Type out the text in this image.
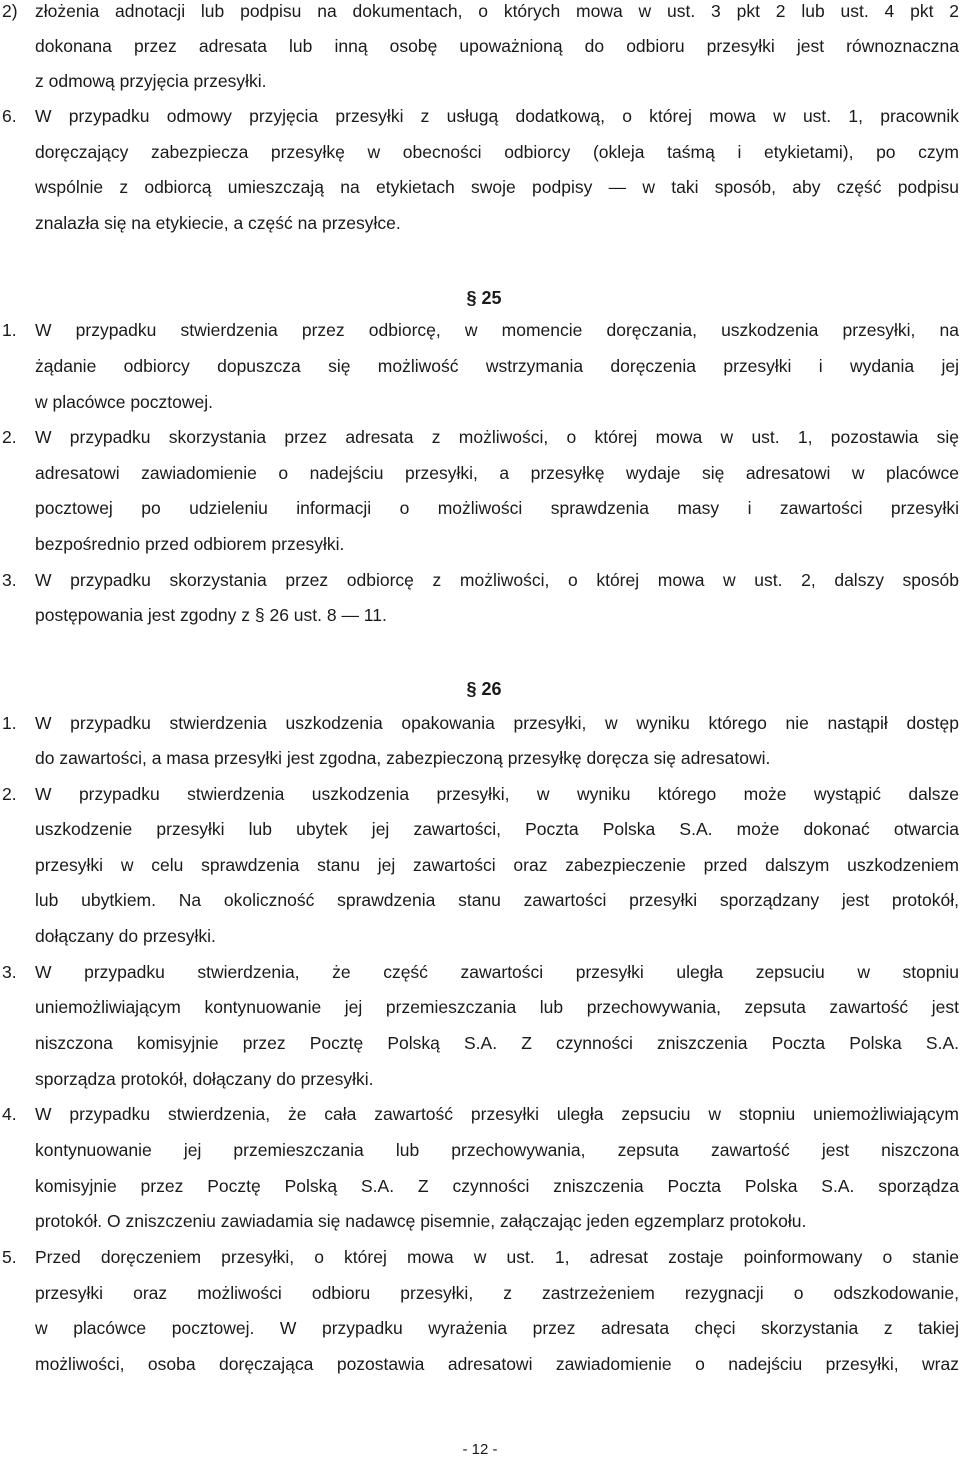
2) złożenia adnotacji lub podpisu na dokumentach, o których mowa w ust. 3 pkt 2 lub ust. 4 pkt 2
dokonana przez adresata lub inną osobę upoważnioną do odbioru przesyłki jest równoznaczna
z odmową przyjęcia przesyłki.
6. W przypadku odmowy przyjęcia przesyłki z usługą dodatkową, o której mowa w ust. 1, pracownik
doręczający zabezpiecza przesyłkę w obecności odbiorcy (okleja taśmą i etykietami), po czym
wspólnie z odbiorcą umieszczają na etykietach swoje podpisy — w taki sposób, aby część podpisu
znalazła się na etykiecie, a część na przesyłce.
§ 25
1. W przypadku stwierdzenia przez odbiorcę, w momencie doręczania, uszkodzenia przesyłki, na
żądanie odbiorcy dopuszcza się możliwość wstrzymania doręczenia przesyłki i wydania jej
w placówce pocztowej.
2. W przypadku skorzystania przez adresata z możliwości, o której mowa w ust. 1, pozostawia się
adresatowi zawiadomienie o nadejściu przesyłki, a przesyłkę wydaje się adresatowi w placówce
pocztowej po udzieleniu informacji o możliwości sprawdzenia masy i zawartości przesyłki
bezpośrednio przed odbiorem przesyłki.
3. W przypadku skorzystania przez odbiorcę z możliwości, o której mowa w ust. 2, dalszy sposób
postępowania jest zgodny z § 26 ust. 8 — 11.
§ 26
1. W przypadku stwierdzenia uszkodzenia opakowania przesyłki, w wyniku którego nie nastąpił dostęp
do zawartości, a masa przesyłki jest zgodna, zabezpieczoną przesyłkę doręcza się adresatowi.
2. W przypadku stwierdzenia uszkodzenia przesyłki, w wyniku którego może wystąpić dalsze
uszkodzenie przesyłki lub ubytek jej zawartości, Poczta Polska S.A. może dokonać otwarcia
przesyłki w celu sprawdzenia stanu jej zawartości oraz zabezpieczenie przed dalszym uszkodzeniem
lub ubytkiem. Na okoliczność sprawdzenia stanu zawartości przesyłki sporządzany jest protokół,
dołączany do przesyłki.
3. W przypadku stwierdzenia, że część zawartości przesyłki uległa zepsuciu w stopniu
uniemożliwiającym kontynuowanie jej przemieszczania lub przechowywania, zepsuta zawartość jest
niszczona komisyjnie przez Pocztę Polską S.A. Z czynności zniszczenia Poczta Polska S.A.
sporządza protokół, dołączany do przesyłki.
4. W przypadku stwierdzenia, że cała zawartość przesyłki uległa zepsuciu w stopniu uniemożliwiającym
kontynuowanie jej przemieszczania lub przechowywania, zepsuta zawartość jest niszczona
komisyjnie przez Pocztę Polską S.A. Z czynności zniszczenia Poczta Polska S.A. sporządza
protokół. O zniszczeniu zawiadamia się nadawcę pisemnie, załączając jeden egzemplarz protokołu.
5. Przed doręczeniem przesyłki, o której mowa w ust. 1, adresat zostaje poinformowany o stanie
przesyłki oraz możliwości odbioru przesyłki, z zastrzeżeniem rezygnacji o odszkodowanie,
w placówce pocztowej. W przypadku wyrażenia przez adresata chęci skorzystania z takiej
możliwości, osoba doręczająca pozostawia adresatowi zawiadomienie o nadejściu przesyłki, wraz
- 12 -
